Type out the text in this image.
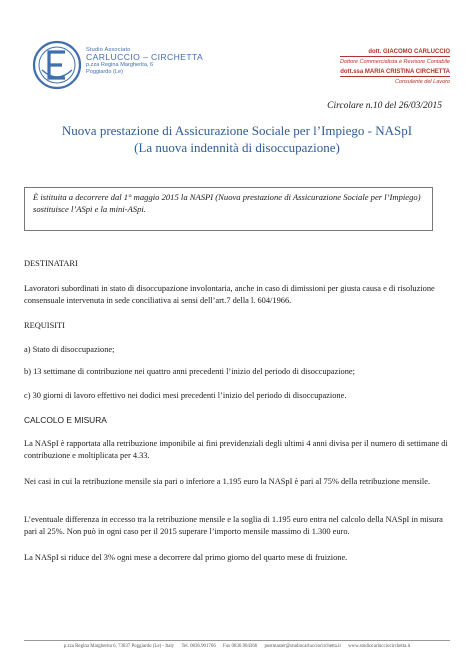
Studio Associato
CARLUCCIO – CIRCHETTA
p.zza Regina Margherita, 6
Poggiardo (Le)
dott. GIACOMO CARLUCCIO
Dottore Commercialista e Revisore Contabile
dott.ssa MARIA CRISTINA CIRCHETTA
Consulente del Lavoro
Circolare n.10 del 26/03/2015
Nuova prestazione di Assicurazione Sociale per l’Impiego - NASpI
(La nuova indennità di disoccupazione)
È istituita a decorrere dal 1° maggio 2015 la NASPI (Nuova prestazione di Assicurazione Sociale per l’Impiego) sostituisce l’ASpi e la mini-ASpi.
DESTINATARI
Lavoratori subordinati in stato di disoccupazione involontaria, anche in caso di dimissioni per giusta causa e di risoluzione consensuale intervenuta in sede conciliativa ai sensi dell’art.7 della l. 604/1966.
REQUISITI
a) Stato di disoccupazione;
b) 13 settimane di contribuzione nei quattro anni precedenti l’inizio del periodo di disoccupazione;
c) 30 giorni di lavoro effettivo nei dodici mesi precedenti l’inizio del periodo di disoccupazione.
CALCOLO E MISURA
La NASpI è rapportata alla retribuzione imponibile ai fini previdenziali degli ultimi 4 anni divisa per il numero di settimane di contribuzione e moltiplicata per 4.33.
Nei casi in cui la retribuzione mensile sia pari o inferiore a 1.195 euro la NASpI è pari al 75% della retribuzione mensile.
L’eventuale differenza in eccesso tra la retribuzione mensile e la soglia di 1.195 euro entra nel calcolo della NASpI in misura pari al 25%. Non può in ogni caso per il 2015 superare l’importo mensile massimo di 1.300 euro.
La NASpI si riduce del 3% ogni mese a decorrere dal primo giorno del quarto mese di fruizione.
p.zza Regina Margherita 6, 73037 Poggiardo (Le) - Italy Tel. 0836.901766 Fax 0836.904366 postmaster@studiocarlucciocirchetta.it www.studiocarlucciocirchetta.it
